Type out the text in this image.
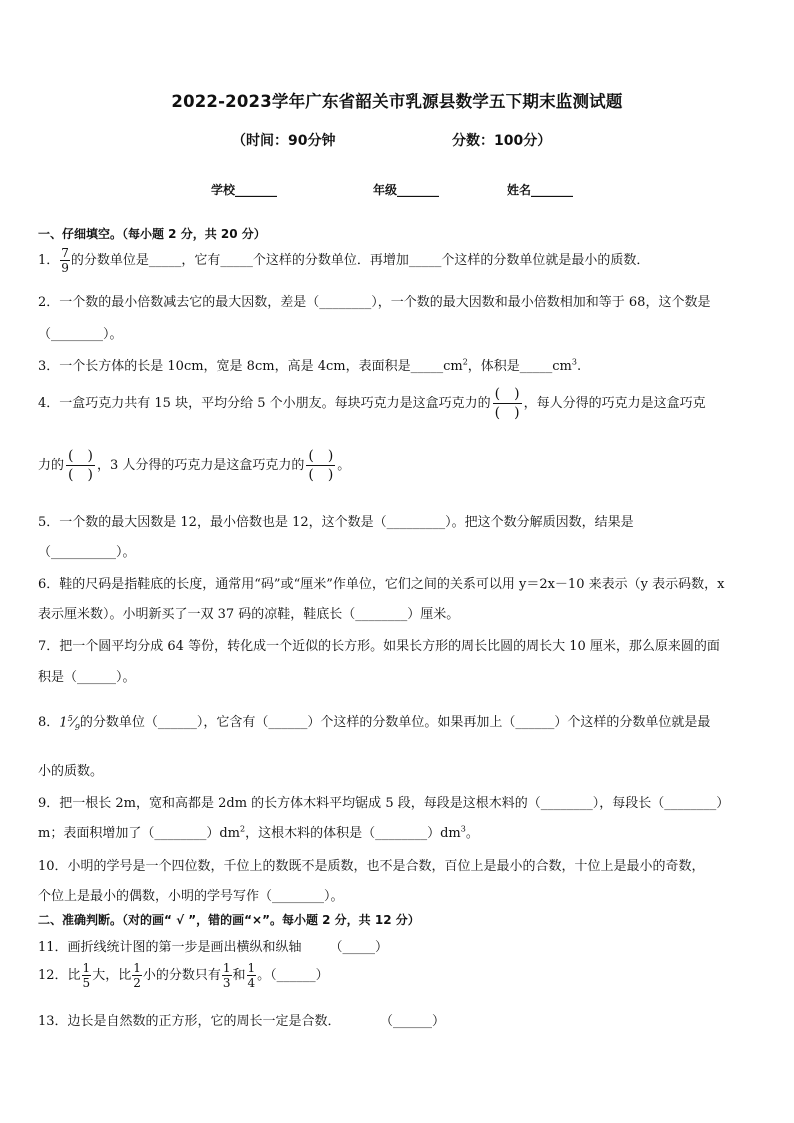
2022-2023学年广东省韶关市乳源县数学五下期末监测试题
（时间：90分钟	分数：100分）
学校_______	年级_______	姓名_______
一、仔细填空。（每小题 2 分，共 20 分）
1． $\frac{7}{9}$ 的分数单位是_____，它有_____个这样的分数单位．再增加_____个这样的分数单位就是最小的质数．
2．一个数的最小倍数减去它的最大因数，差是（________），一个数的最大因数和最小倍数相加和等于 68，这个数是
（________）。
3．一个长方体的长是 10cm，宽是 8cm，高是 4cm，表面积是$\_\_\_\_\_cm^2$，体积是$\_\_\_\_\_cm^3$.
4．一盒巧克力共有 15 块，平均分给 5 个小朋友。每块巧克力是这盒巧克力的 $\frac{( )}{( )}$ ，每人分得的巧克力是这盒巧克
力的 $\frac{( )}{( )}$ ，3 人分得的巧克力是这盒巧克力的 $\frac{( )}{( )}$ 。
5．一个数的最大因数是 12，最小倍数也是 12，这个数是（_________）。把这个数分解质因数，结果是
（__________）。
6．鞋的尺码是指鞋底的长度，通常用“码”或“厘米”作单位，它们之间的关系可以用 y＝2x－10 来表示（y 表示码数，x
表示厘米数）。小明新买了一双 37 码的凉鞋，鞋底长（________）厘米。
7．把一个圆平均分成 64 等份，转化成一个近似的长方形。如果长方形的周长比圆的周长大 10 厘米，那么原来圆的面
积是（______）。
8．$1^5⁄_9$的分数单位（______），它含有（______）个这样的分数单位。如果再加上（______）个这样的分数单位就是最
小的质数。
9．把一根长 2m，宽和高都是 2dm 的长方体木料平均锯成 5 段，每段是这根木料的（________），每段长（________）
m；表面积增加了$(\_\_\_\_\_\_\_\_)dm^2$，这根木料的体积是$(\_\_\_\_\_\_\_\_)dm^3$。
10．小明的学号是一个四位数，千位上的数既不是质数，也不是合数，百位上是最小的合数，十位上是最小的奇数，
个位上是最小的偶数，小明的学号写作（________）。
二、准确判断。（对的画“ √ ”，错的画“×”。每小题 2 分，共 12 分）
11．画折线统计图的第一步是画出横纵和纵轴 （_____）
12．比 $\frac{1}{5}$ 大，比 $\frac{1}{2}$ 小的分数只有 $\frac{1}{3}$ 和 $\frac{1}{4}$ 。（______）
13．边长是自然数的正方形，它的周长一定是合数．	（______）
